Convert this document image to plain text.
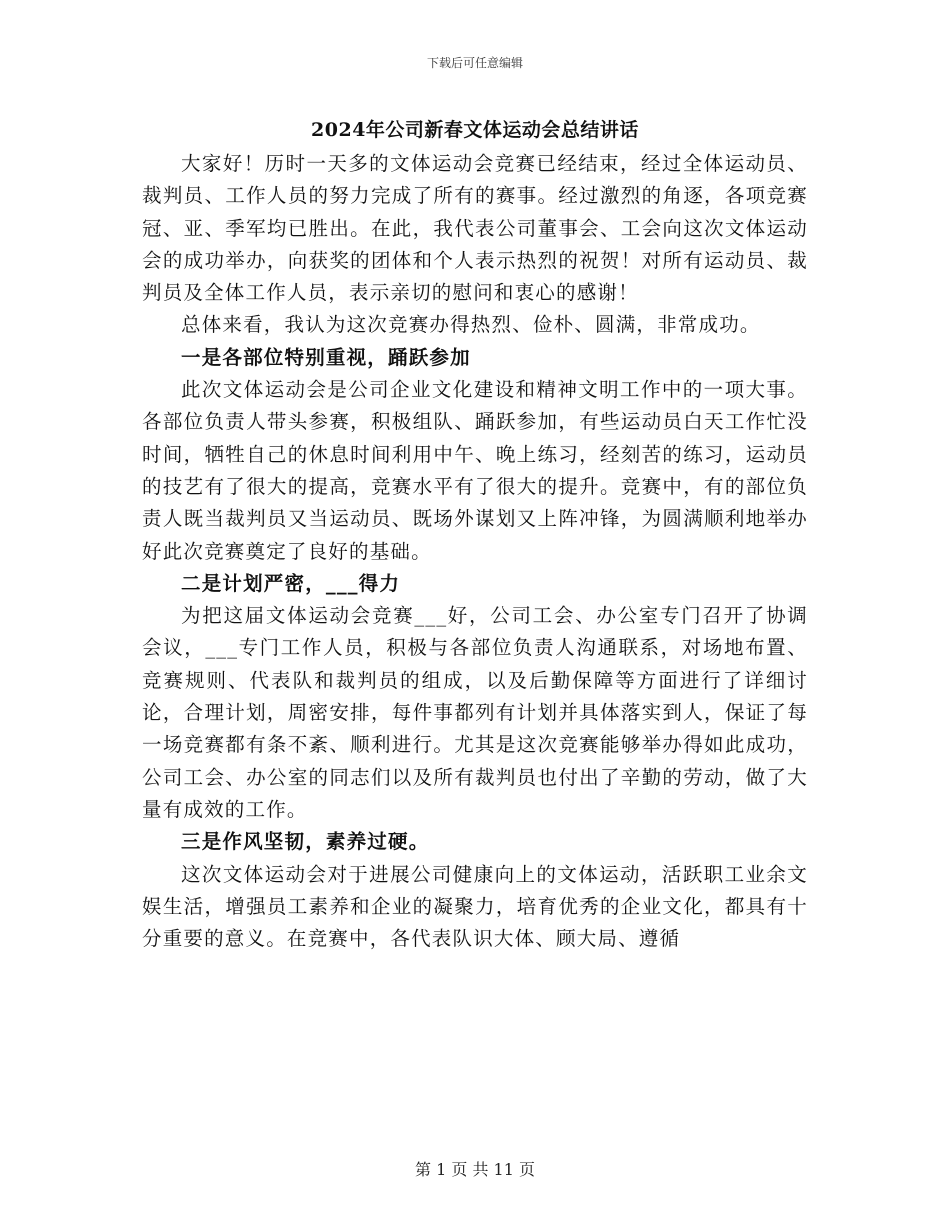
下载后可任意编辑
2024年公司新春文体运动会总结讲话

大家好！历时一天多的文体运动会竞赛已经结束，经过全体运动员、裁判员、工作人员的努力完成了所有的赛事。经过激烈的角逐，各项竞赛冠、亚、季军均已胜出。在此，我代表公司董事会、工会向这次文体运动会的成功举办，向获奖的团体和个人表示热烈的祝贺！对所有运动员、裁判员及全体工作人员，表示亲切的慰问和衷心的感谢！

总体来看，我认为这次竞赛办得热烈、俭朴、圆满，非常成功。

一是各部位特别重视，踊跃参加

此次文体运动会是公司企业文化建设和精神文明工作中的一项大事。各部位负责人带头参赛，积极组队、踊跃参加，有些运动员白天工作忙没时间，牺牲自己的休息时间利用中午、晚上练习，经刻苦的练习，运动员的技艺有了很大的提高，竞赛水平有了很大的提升。竞赛中，有的部位负责人既当裁判员又当运动员、既场外谋划又上阵冲锋，为圆满顺利地举办好此次竞赛奠定了良好的基础。

二是计划严密，___得力

为把这届文体运动会竞赛___好，公司工会、办公室专门召开了协调会议，___专门工作人员，积极与各部位负责人沟通联系，对场地布置、竞赛规则、代表队和裁判员的组成，以及后勤保障等方面进行了详细讨论，合理计划，周密安排，每件事都列有计划并具体落实到人，保证了每一场竞赛都有条不紊、顺利进行。尤其是这次竞赛能够举办得如此成功，公司工会、办公室的同志们以及所有裁判员也付出了辛勤的劳动，做了大量有成效的工作。

三是作风坚韧，素养过硬。

这次文体运动会对于进展公司健康向上的文体运动，活跃职工业余文娱生活，增强员工素养和企业的凝聚力，培育优秀的企业文化，都具有十分重要的意义。在竞赛中，各代表队识大体、顾大局、遵循

第 1 页 共 11 页
